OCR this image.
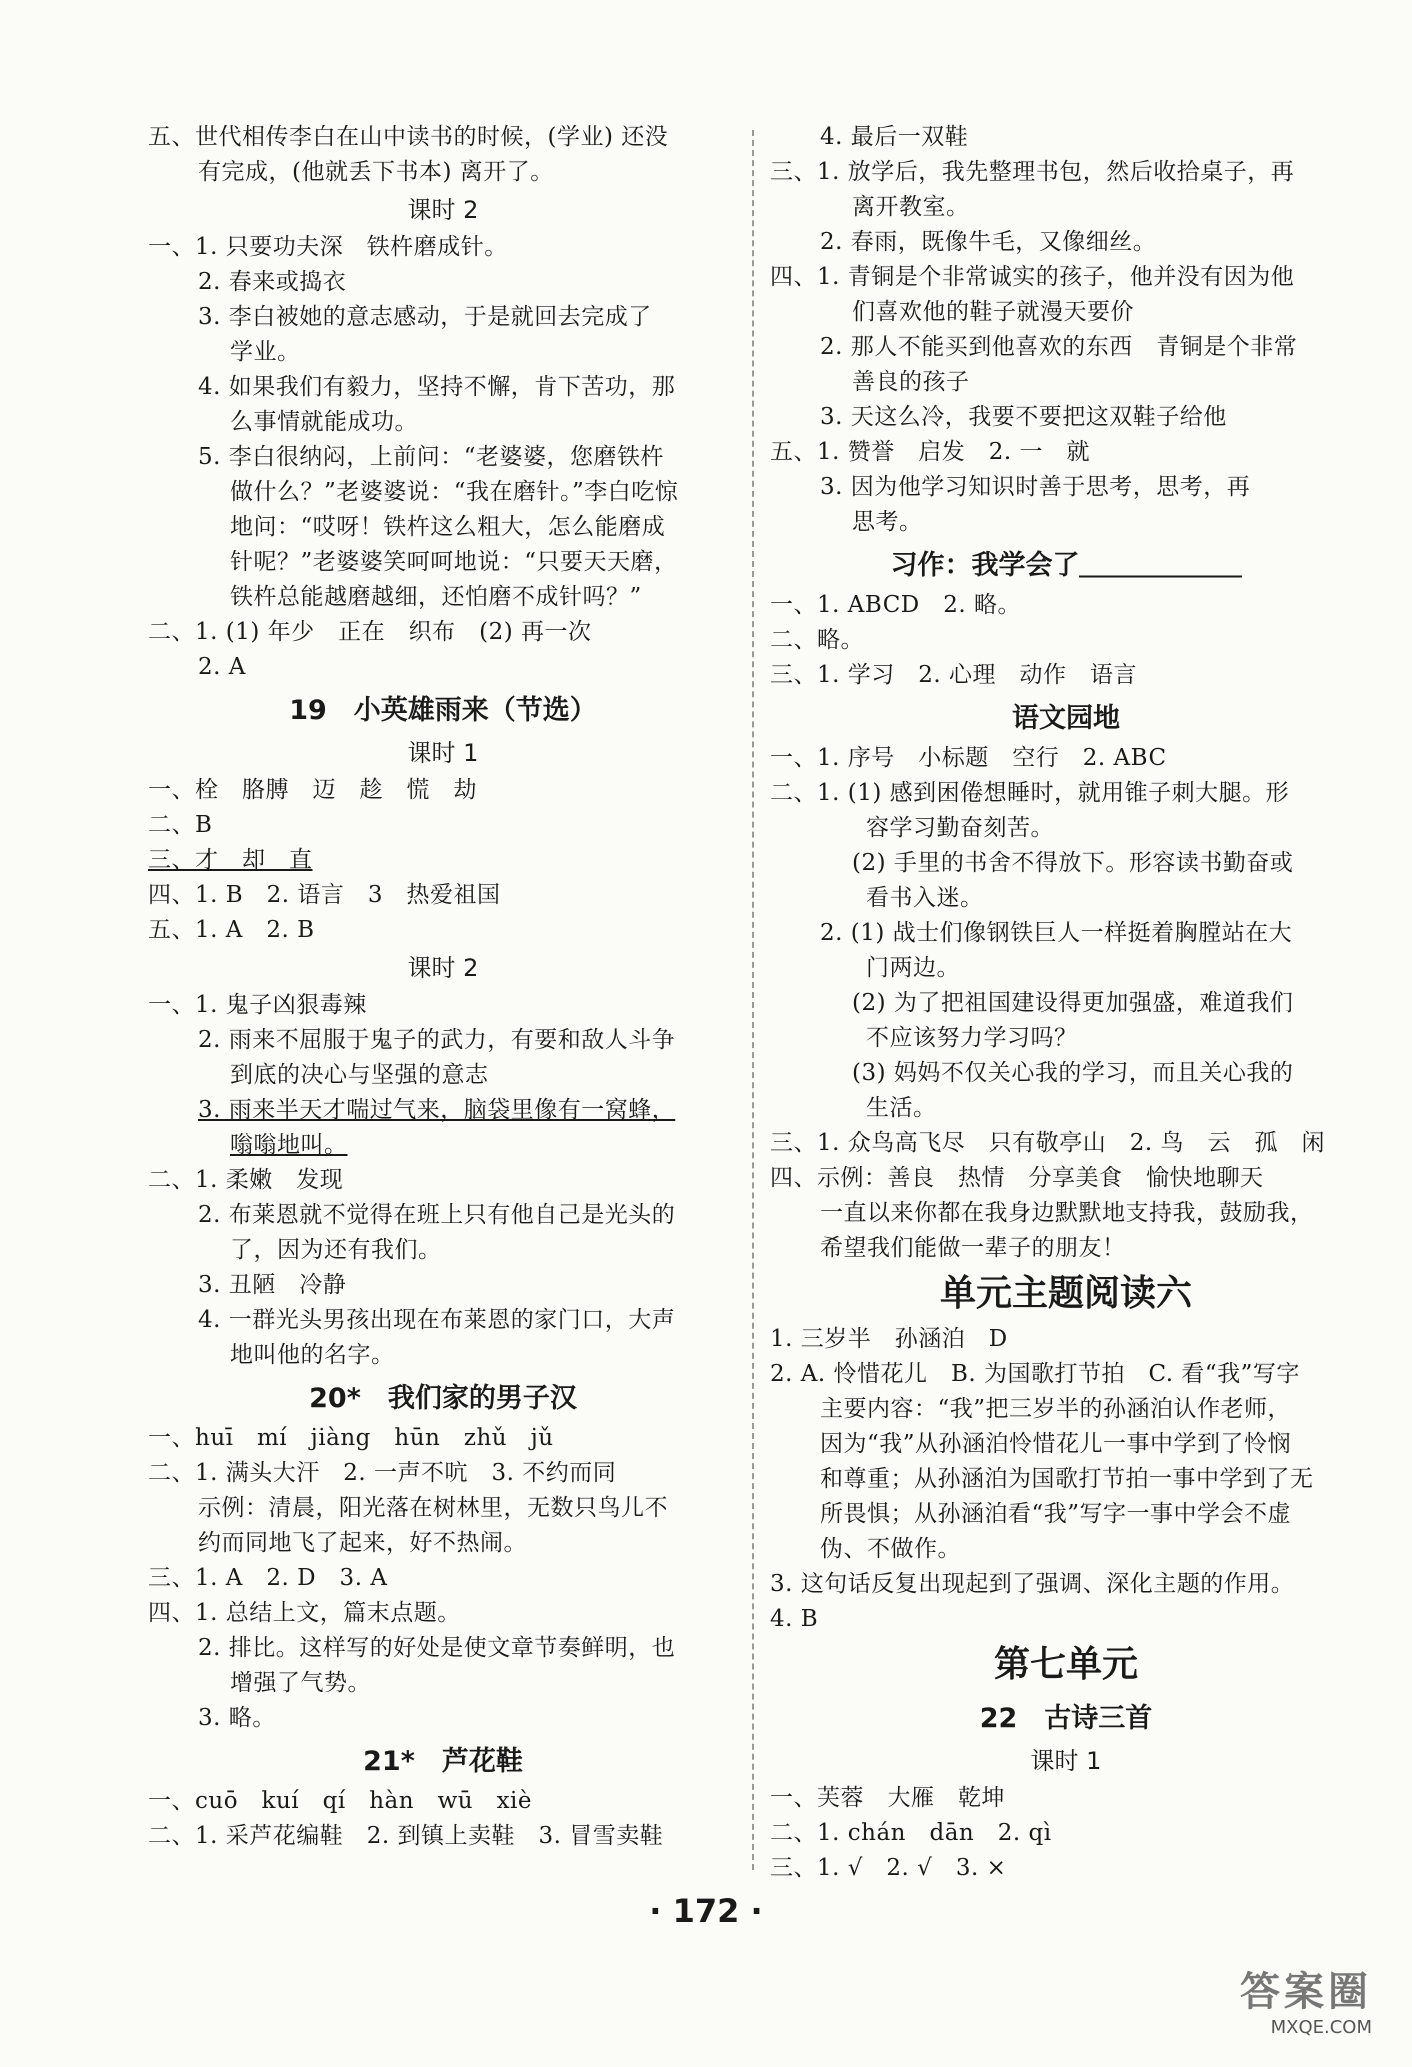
五、世代相传李白在山中读书的时候，(学业) 还没
有完成，(他就丢下书本) 离开了。
课时 2
一、1. 只要功夫深　铁杵磨成针。
2. 春来或捣衣
3. 李白被她的意志感动，于是就回去完成了
学业。
4. 如果我们有毅力，坚持不懈，肯下苦功，那
么事情就能成功。
5. 李白很纳闷，上前问：“老婆婆，您磨铁杵
做什么？”老婆婆说：“我在磨针。”李白吃惊
地问：“哎呀！铁杵这么粗大，怎么能磨成
针呢？”老婆婆笑呵呵地说：“只要天天磨，
铁杵总能越磨越细，还怕磨不成针吗？”
二、1. (1) 年少　正在　织布　(2) 再一次
2. A
19　小英雄雨来（节选）
课时 1
一、栓　胳膊　迈　趁　慌　劫
二、B
三、才　却　直
四、1. B　2. 语言　3　热爱祖国
五、1. A　2. B
课时 2
一、1. 鬼子凶狠毒辣
2. 雨来不屈服于鬼子的武力，有要和敌人斗争
到底的决心与坚强的意志
3. 雨来半天才喘过气来，脑袋里像有一窝蜂，
嗡嗡地叫。
二、1. 柔嫩　发现
2. 布莱恩就不觉得在班上只有他自己是光头的
了，因为还有我们。
3. 丑陋　冷静
4. 一群光头男孩出现在布莱恩的家门口，大声
地叫他的名字。
20*　我们家的男子汉
一、huī　mí　jiàng　hūn　zhǔ　jǔ
二、1. 满头大汗　2. 一声不吭　3. 不约而同
示例：清晨，阳光落在树林里，无数只鸟儿不
约而同地飞了起来，好不热闹。
三、1. A　2. D　3. A
四、1. 总结上文，篇末点题。
2. 排比。这样写的好处是使文章节奏鲜明，也
增强了气势。
3. 略。
21*　芦花鞋
一、cuō　kuí　qí　hàn　wū　xiè
二、1. 采芦花编鞋　2. 到镇上卖鞋　3. 冒雪卖鞋
4. 最后一双鞋
三、1. 放学后，我先整理书包，然后收拾桌子，再
离开教室。
2. 春雨，既像牛毛，又像细丝。
四、1. 青铜是个非常诚实的孩子，他并没有因为他
们喜欢他的鞋子就漫天要价
2. 那人不能买到他喜欢的东西　青铜是个非常
善良的孩子
3. 天这么冷，我要不要把这双鞋子给他
五、1. 赞誉　启发　2. 一　就
3. 因为他学习知识时善于思考，思考，再
思考。
习作：我学会了＿＿＿＿＿＿
一、1. ABCD　2. 略。
二、略。
三、1. 学习　2. 心理　动作　语言
语文园地
一、1. 序号　小标题　空行　2. ABC
二、1. (1) 感到困倦想睡时，就用锥子刺大腿。形
容学习勤奋刻苦。
(2) 手里的书舍不得放下。形容读书勤奋或
看书入迷。
2. (1) 战士们像钢铁巨人一样挺着胸膛站在大
门两边。
(2) 为了把祖国建设得更加强盛，难道我们
不应该努力学习吗？
(3) 妈妈不仅关心我的学习，而且关心我的
生活。
三、1. 众鸟高飞尽　只有敬亭山　2. 鸟　云　孤　闲
四、示例：善良　热情　分享美食　愉快地聊天
一直以来你都在我身边默默地支持我，鼓励我，
希望我们能做一辈子的朋友！
单元主题阅读六
1. 三岁半　孙涵泊　D
2. A. 怜惜花儿　B. 为国歌打节拍　C. 看“我”写字
主要内容：“我”把三岁半的孙涵泊认作老师，
因为“我”从孙涵泊怜惜花儿一事中学到了怜悯
和尊重；从孙涵泊为国歌打节拍一事中学到了无
所畏惧；从孙涵泊看“我”写字一事中学会不虚
伪、不做作。
3. 这句话反复出现起到了强调、深化主题的作用。
4. B
第七单元
22　古诗三首
课时 1
一、芙蓉　大雁　乾坤
二、1. chán　dān　2. qì
三、1. √　2. √　3. ×
· 172 ·
答案圈
MXQE.COM
